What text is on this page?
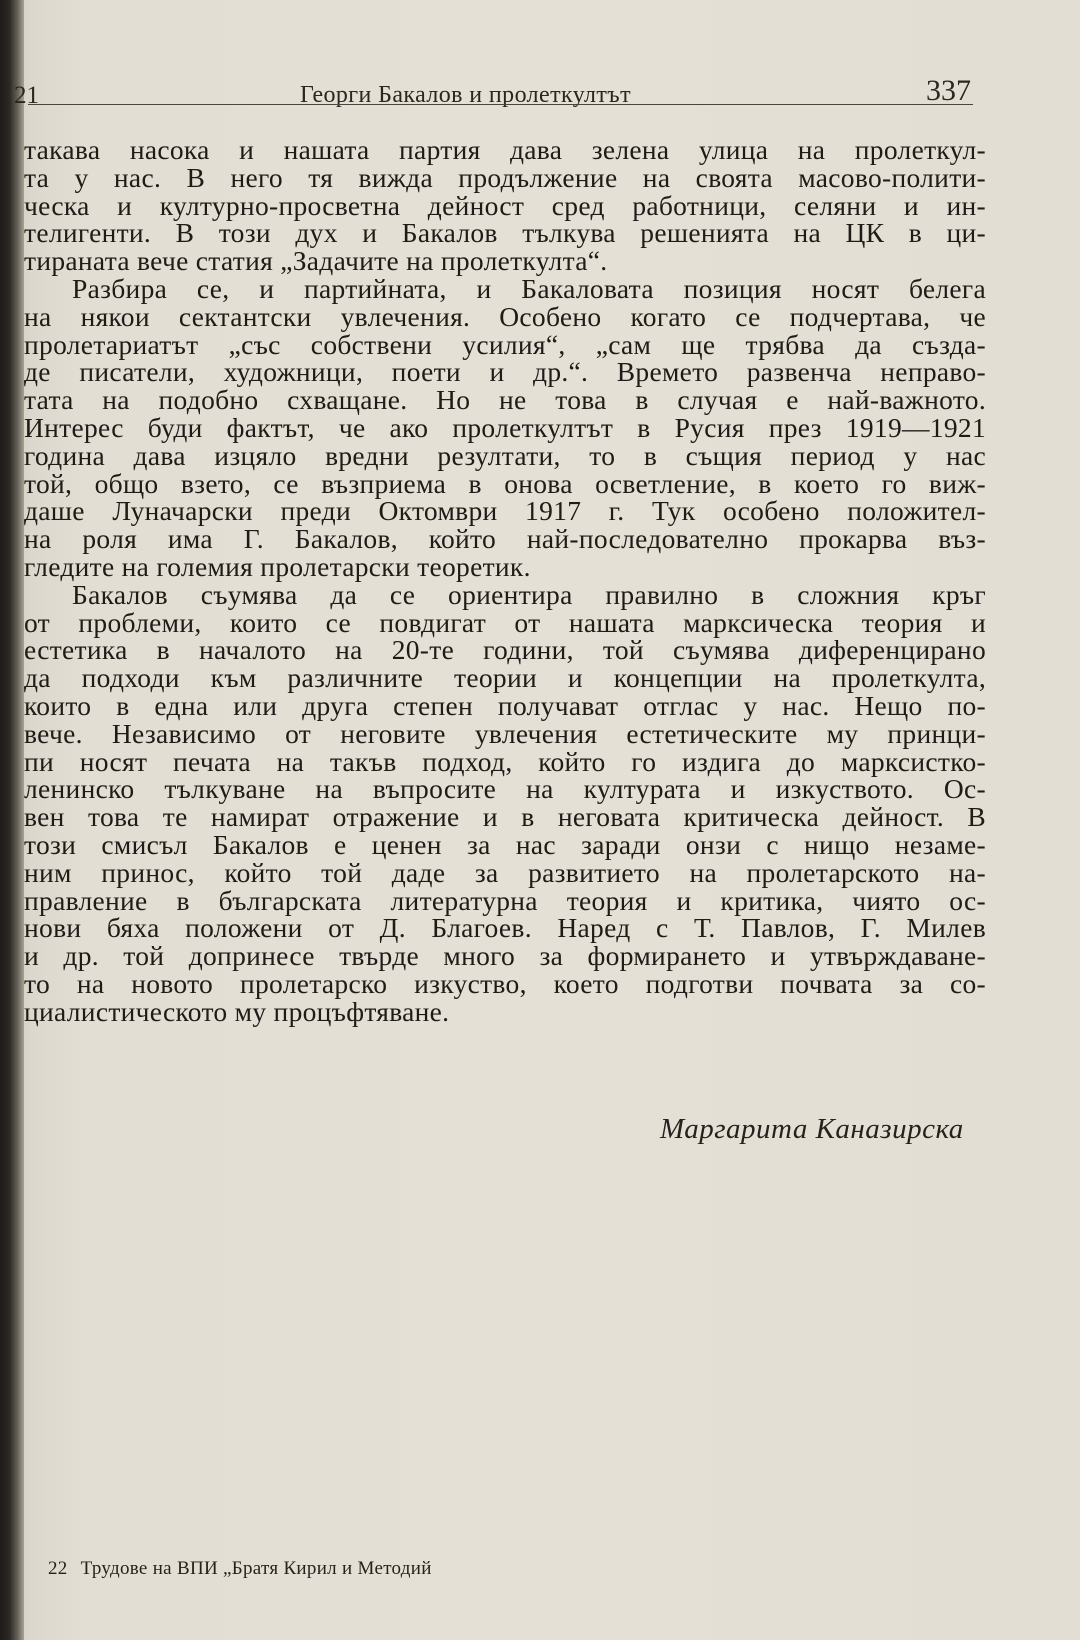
21	Георги Бакалов и пролеткултът	337
такава насока и нашата партия дава зелена улица на пролеткул-
та у нас. В него тя вижда продължение на своята масово-полити-
ческа и културно-просветна дейност сред работници, селяни и ин-
телигенти. В този дух и Бакалов тълкува решенията на ЦК в ци-
тираната вече статия „Задачите на пролеткулта“.
Разбира се, и партийната, и Бакаловата позиция носят белега
на някои сектантски увлечения. Особено когато се подчертава, че
пролетариатът „със собствени усилия“, „сам ще трябва да създа-
де писатели, художници, поети и др.“. Времето развенча неправо-
тата на подобно схващане. Но не това в случая е най-важното.
Интерес буди фактът, че ако пролеткултът в Русия през 1919—1921
година дава изцяло вредни резултати, то в същия период у нас
той, общо взето, се възприема в онова осветление, в което го виж-
даше Луначарски преди Октомври 1917 г. Тук особено положител-
на роля има Г. Бакалов, който най-последователно прокарва въз-
гледите на големия пролетарски теоретик.
Бакалов съумява да се ориентира правилно в сложния кръг
от проблеми, които се повдигат от нашата марксическа теория и
естетика в началото на 20-те години, той съумява диференцирано
да подходи към различните теории и концепции на пролеткулта,
които в една или друга степен получават отглас у нас. Нещо по-
вече. Независимо от неговите увлечения естетическите му принци-
пи носят печата на такъв подход, който го издига до марксистко-
ленинско тълкуване на въпросите на културата и изкуството. Ос-
вен това те намират отражение и в неговата критическа дейност. В
този смисъл Бакалов е ценен за нас заради онзи с нищо незаме-
ним принос, който той даде за развитието на пролетарското на-
правление в българската литературна теория и критика, чиято ос-
нови бяха положени от Д. Благоев. Наред с Т. Павлов, Г. Милев
и др. той допринесе твърде много за формирането и утвърждаване-
то на новото пролетарско изкуство, което подготви почвата за со-
циалистическото му процъфтяване.
Маргарита Каназирска
22 Трудове на ВПИ „Братя Кирил и Методий
